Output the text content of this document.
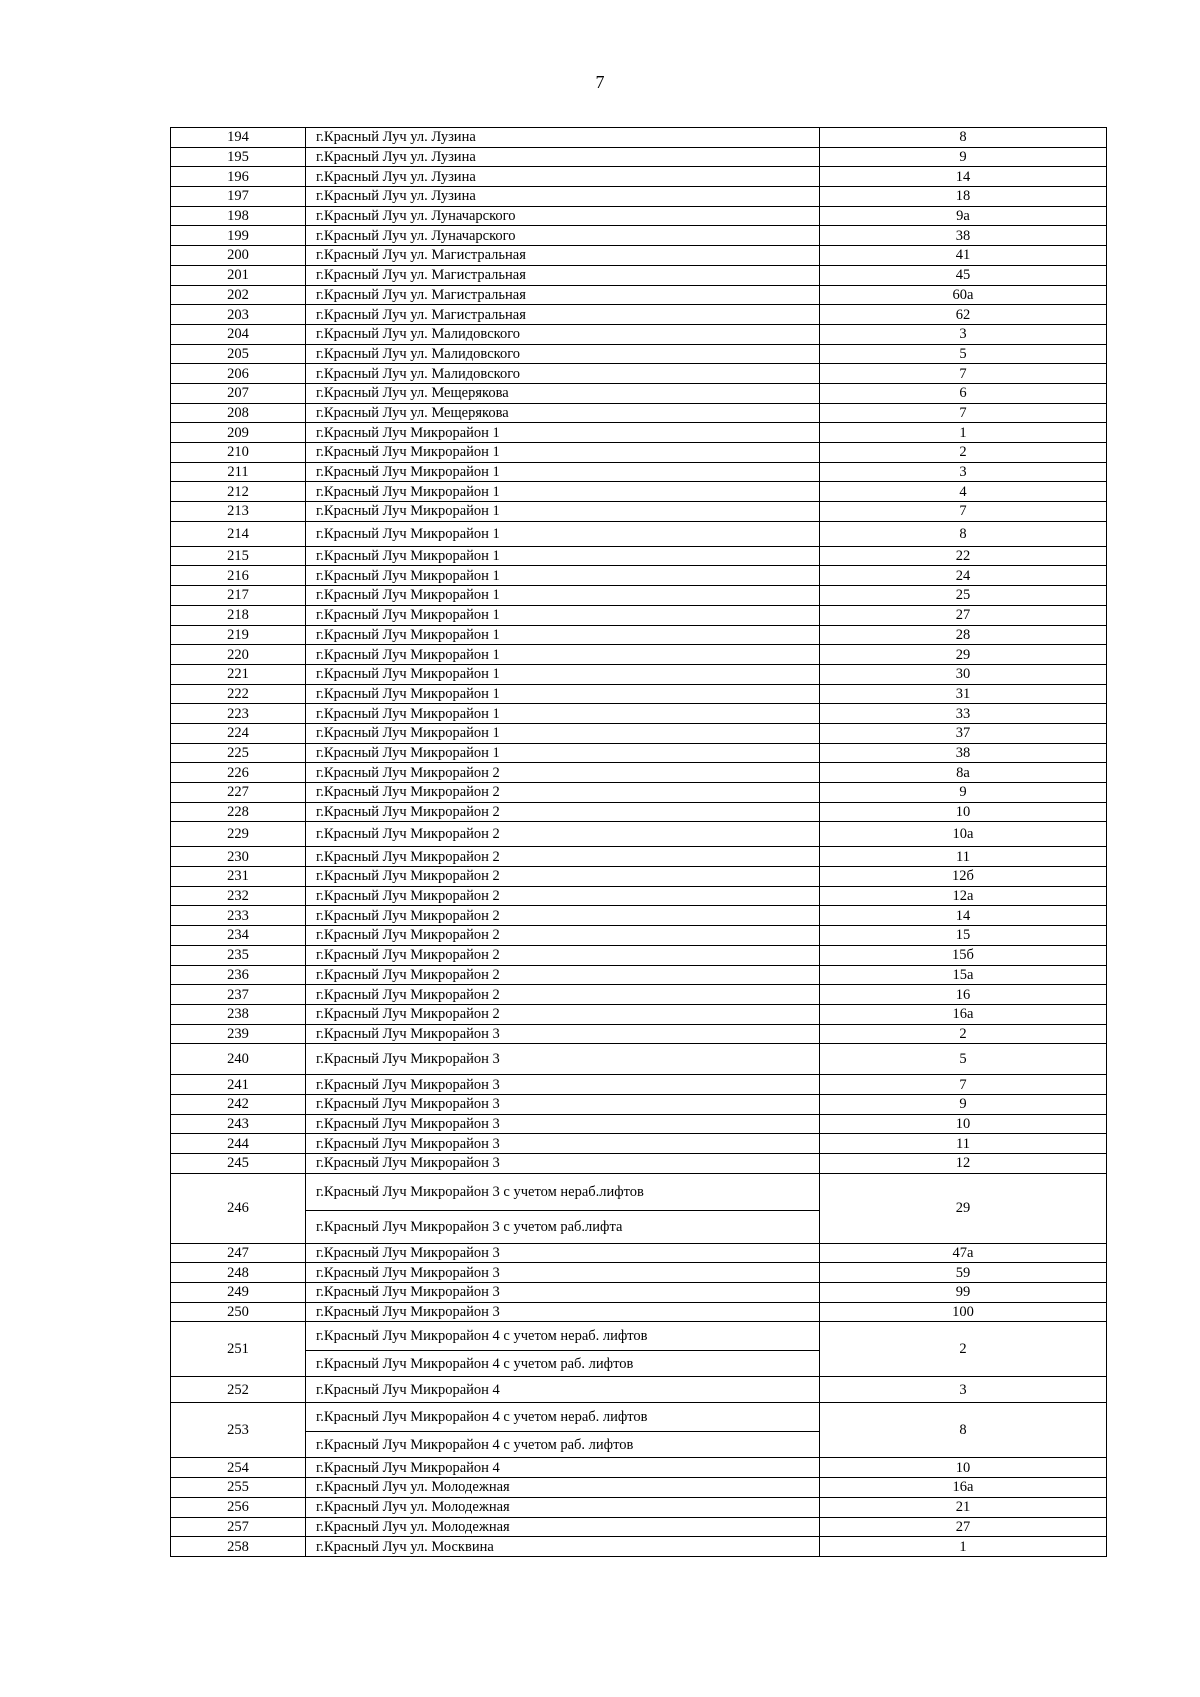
7
194	г.Красный Луч ул. Лузина	8
195	г.Красный Луч ул. Лузина	9
196	г.Красный Луч ул. Лузина	14
197	г.Красный Луч ул. Лузина	18
198	г.Красный Луч ул. Луначарского	9а
199	г.Красный Луч ул. Луначарского	38
200	г.Красный Луч ул. Магистральная	41
201	г.Красный Луч ул. Магистральная	45
202	г.Красный Луч ул. Магистральная	60а
203	г.Красный Луч ул. Магистральная	62
204	г.Красный Луч ул. Малидовского	3
205	г.Красный Луч ул. Малидовского	5
206	г.Красный Луч ул. Малидовского	7
207	г.Красный Луч ул. Мещерякова	6
208	г.Красный Луч ул. Мещерякова	7
209	г.Красный Луч Микрорайон 1	1
210	г.Красный Луч Микрорайон 1	2
211	г.Красный Луч Микрорайон 1	3
212	г.Красный Луч Микрорайон 1	4
213	г.Красный Луч Микрорайон 1	7
214	г.Красный Луч Микрорайон 1	8
215	г.Красный Луч Микрорайон 1	22
216	г.Красный Луч Микрорайон 1	24
217	г.Красный Луч Микрорайон 1	25
218	г.Красный Луч Микрорайон 1	27
219	г.Красный Луч Микрорайон 1	28
220	г.Красный Луч Микрорайон 1	29
221	г.Красный Луч Микрорайон 1	30
222	г.Красный Луч Микрорайон 1	31
223	г.Красный Луч Микрорайон 1	33
224	г.Красный Луч Микрорайон 1	37
225	г.Красный Луч Микрорайон 1	38
226	г.Красный Луч Микрорайон 2	8а
227	г.Красный Луч Микрорайон 2	9
228	г.Красный Луч Микрорайон 2	10
229	г.Красный Луч Микрорайон 2	10а
230	г.Красный Луч Микрорайон 2	11
231	г.Красный Луч Микрорайон 2	12б
232	г.Красный Луч Микрорайон 2	12а
233	г.Красный Луч Микрорайон 2	14
234	г.Красный Луч Микрорайон 2	15
235	г.Красный Луч Микрорайон 2	15б
236	г.Красный Луч Микрорайон 2	15а
237	г.Красный Луч Микрорайон 2	16
238	г.Красный Луч Микрорайон 2	16а
239	г.Красный Луч Микрорайон 3	2
240	г.Красный Луч Микрорайон 3	5
241	г.Красный Луч Микрорайон 3	7
242	г.Красный Луч Микрорайон 3	9
243	г.Красный Луч Микрорайон 3	10
244	г.Красный Луч Микрорайон 3	11
245	г.Красный Луч Микрорайон 3	12
246	г.Красный Луч Микрорайон 3 с учетом нераб.лифтов	29
	г.Красный Луч Микрорайон 3 с учетом раб.лифта	
247	г.Красный Луч Микрорайон 3	47а
248	г.Красный Луч Микрорайон 3	59
249	г.Красный Луч Микрорайон 3	99
250	г.Красный Луч Микрорайон 3	100
251	г.Красный Луч Микрорайон 4 с учетом нераб. лифтов	2
	г.Красный Луч Микрорайон 4 с учетом раб. лифтов	
252	г.Красный Луч Микрорайон 4	3
253	г.Красный Луч Микрорайон 4 с учетом нераб. лифтов	8
	г.Красный Луч Микрорайон 4 с учетом раб. лифтов	
254	г.Красный Луч Микрорайон 4	10
255	г.Красный Луч ул. Молодежная	16а
256	г.Красный Луч ул. Молодежная	21
257	г.Красный Луч ул. Молодежная	27
258	г.Красный Луч ул. Москвина	1
